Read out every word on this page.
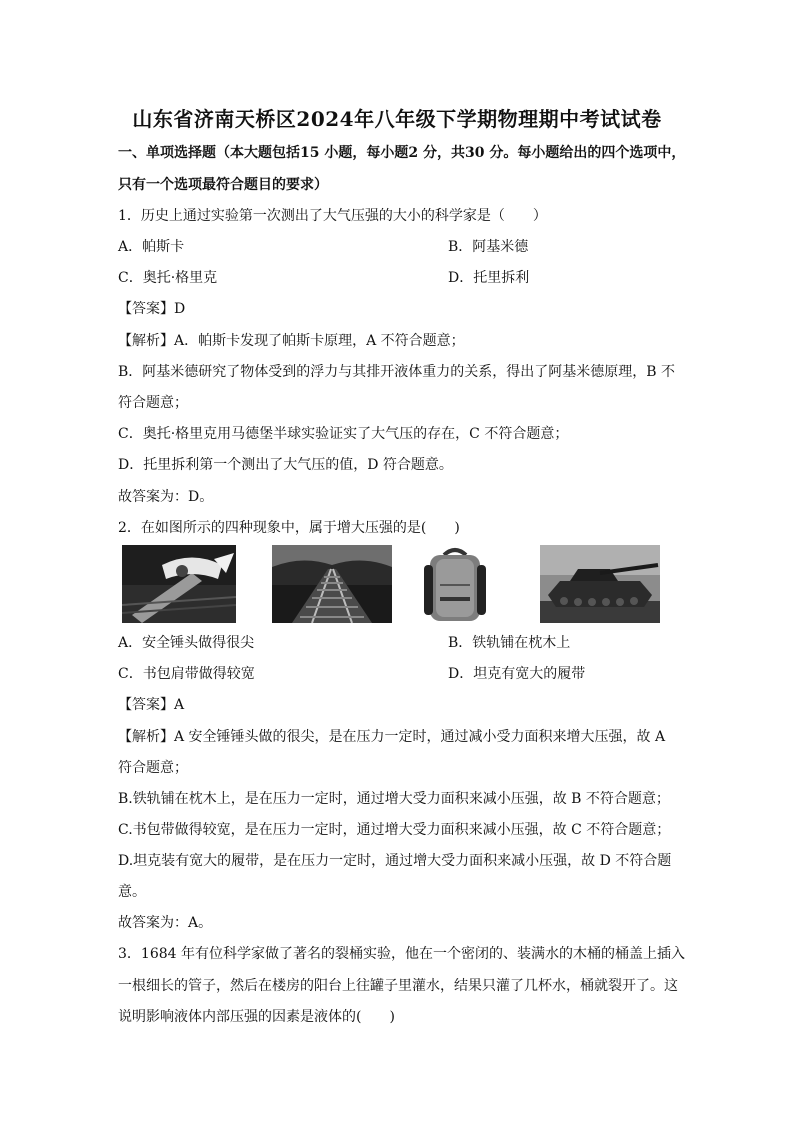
山东省济南天桥区2024年八年级下学期物理期中考试试卷
一、单项选择题（本大题包括15 小题，每小题2 分，共30 分。每小题给出的四个选项中，
只有一个选项最符合题目的要求）
1．历史上通过实验第一次测出了大气压强的大小的科学家是（　　）
A．帕斯卡	B．阿基米德
C．奥托·格里克	D．托里拆利
【答案】D
【解析】A．帕斯卡发现了帕斯卡原理，A 不符合题意；
B．阿基米德研究了物体受到的浮力与其排开液体重力的关系，得出了阿基米德原理，B 不
符合题意；
C．奥托·格里克用马德堡半球实验证实了大气压的存在，C 不符合题意；
D．托里拆利第一个测出了大气压的值，D 符合题意。
故答案为：D。
2．在如图所示的四种现象中，属于增大压强的是(　　)
A．安全锤头做得很尖	B．铁轨铺在枕木上
C．书包肩带做得较宽	D．坦克有宽大的履带
【答案】A
【解析】A 安全锤锤头做的很尖，是在压力一定时，通过减小受力面积来增大压强，故 A
符合题意；
B.铁轨铺在枕木上，是在压力一定时，通过增大受力面积来减小压强，故 B 不符合题意；
C.书包带做得较宽，是在压力一定时，通过增大受力面积来减小压强，故 C 不符合题意；
D.坦克装有宽大的履带，是在压力一定时，通过增大受力面积来减小压强，故 D 不符合题
意。
故答案为：A。
3．1684 年有位科学家做了著名的裂桶实验，他在一个密闭的、装满水的木桶的桶盖上插入
一根细长的管子，然后在楼房的阳台上往罐子里灌水，结果只灌了几杯水，桶就裂开了。这
说明影响液体内部压强的因素是液体的(　　)
